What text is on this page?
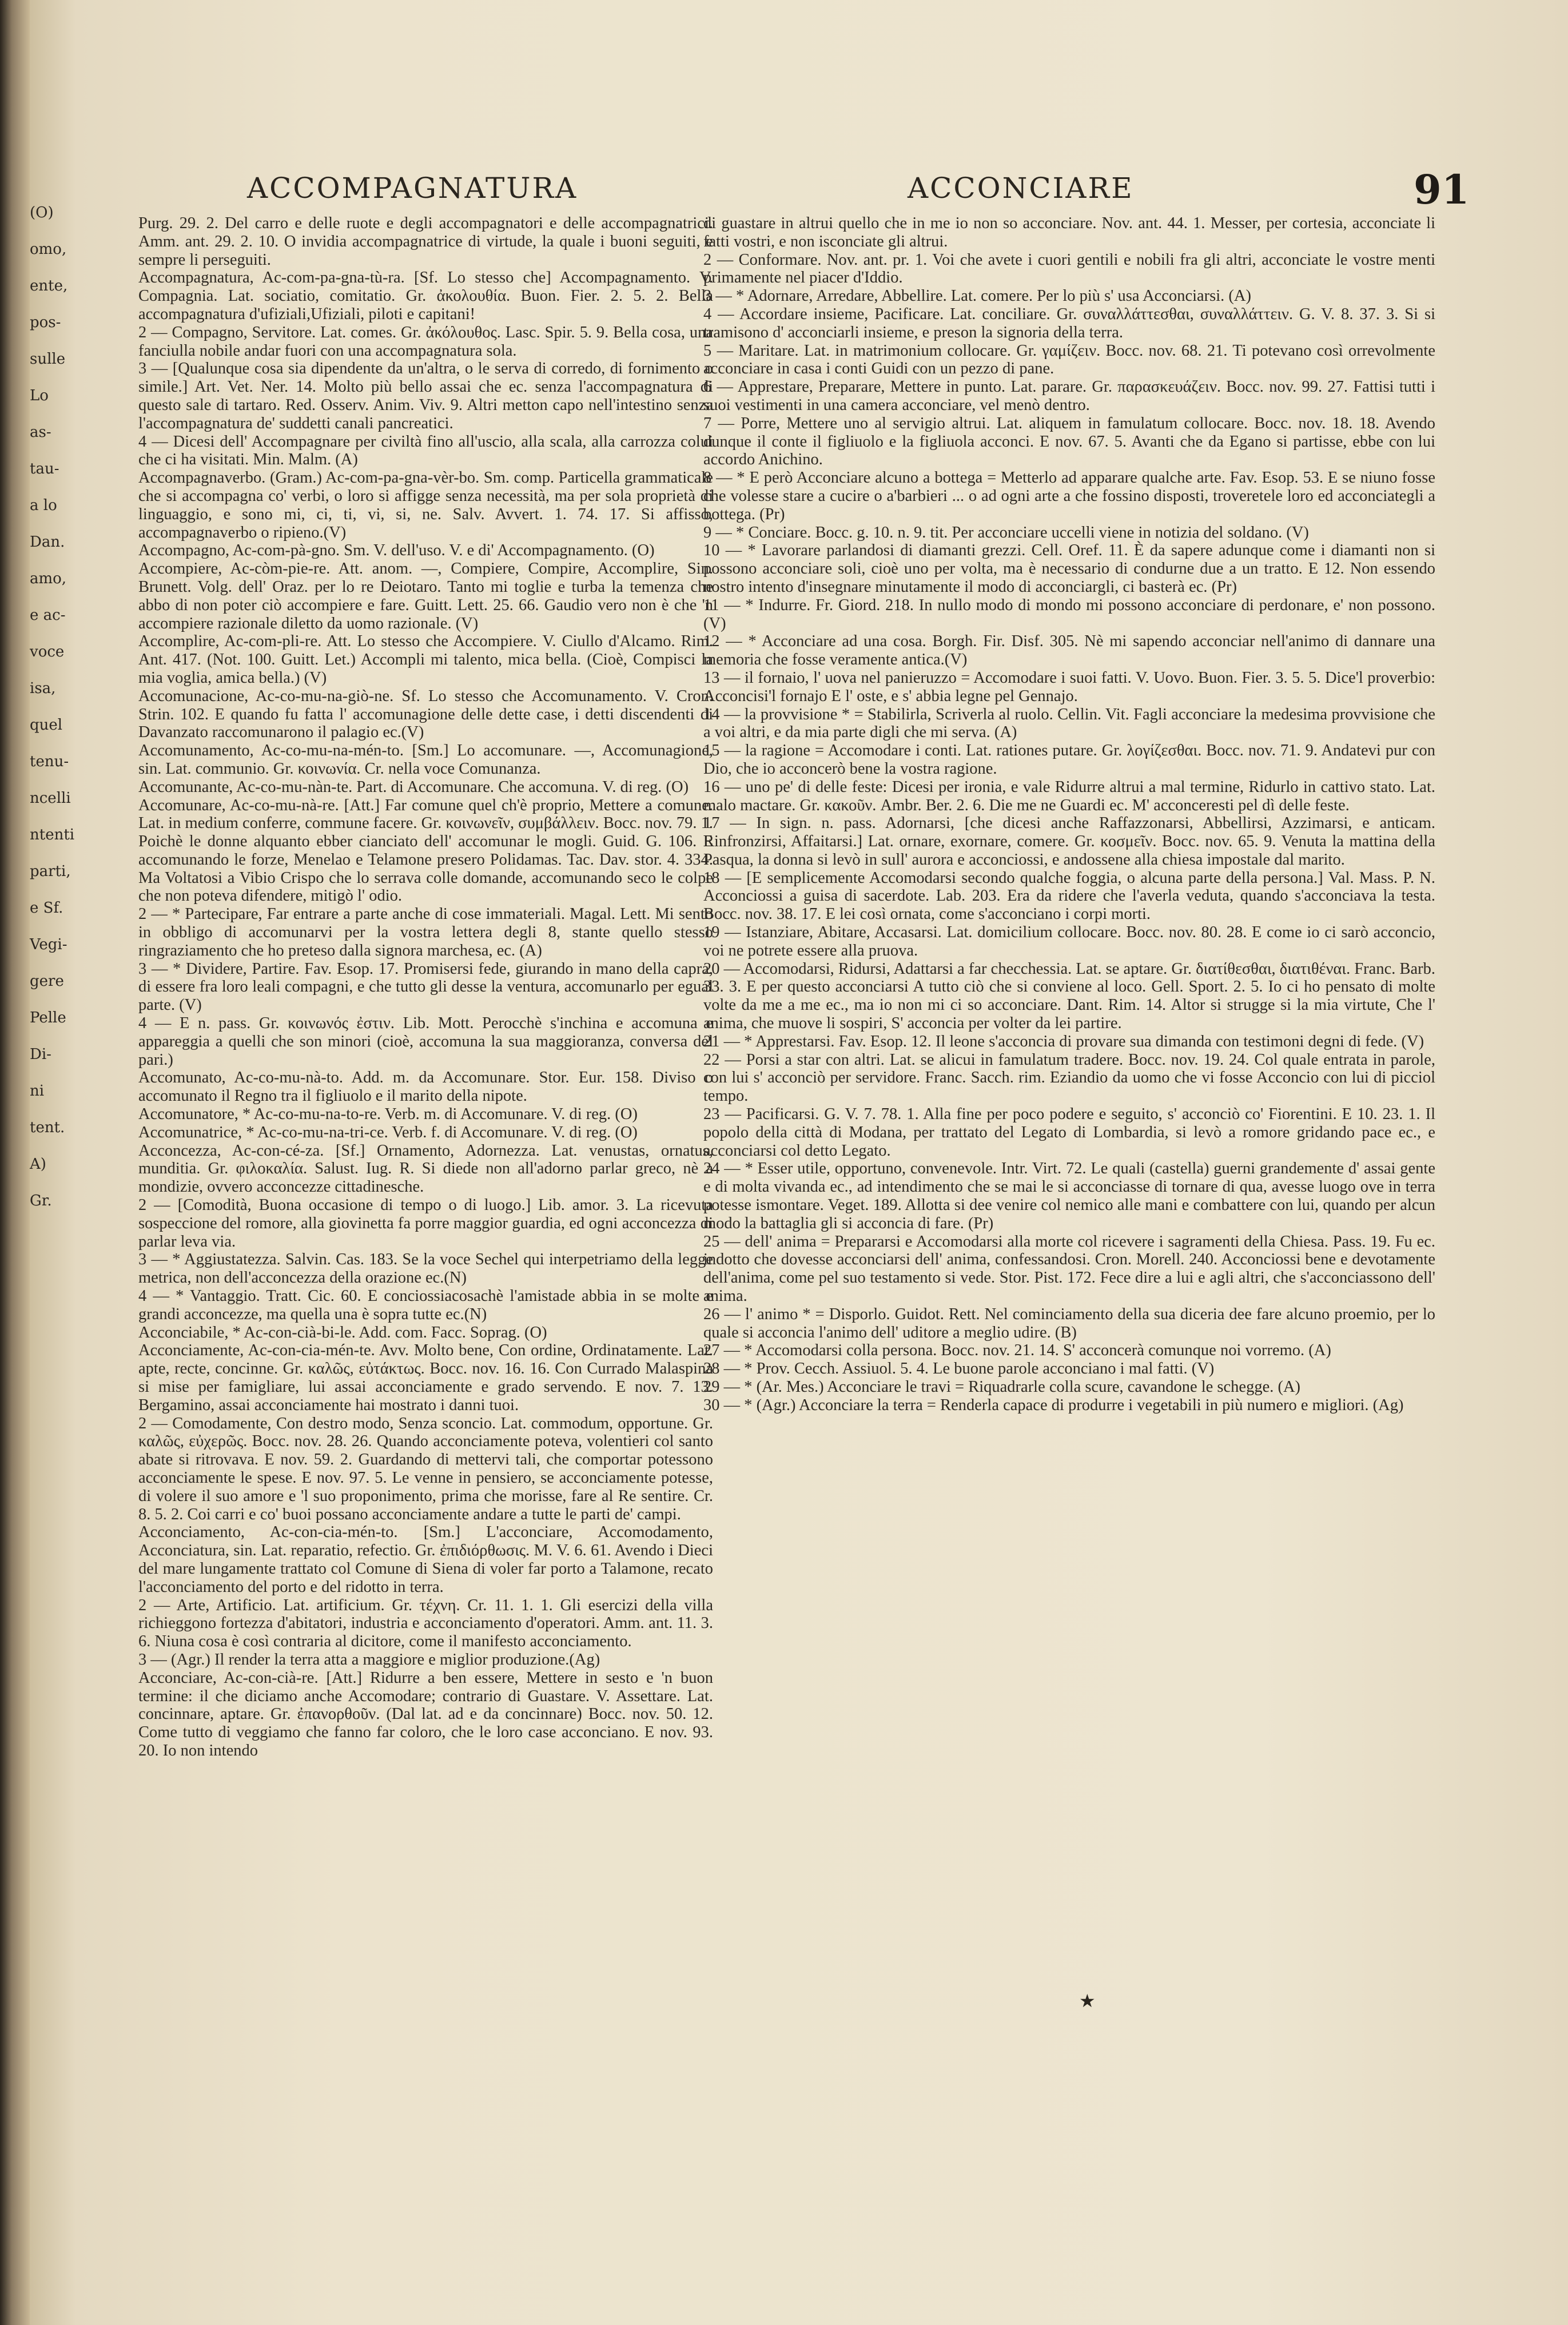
(O)
omo,
ente,
pos-
sulle
Lo
as-
tau-
a lo
Dan.
amo,
e ac-
voce
isa,
quel
tenu-
ncelli
ntenti
parti,
e Sf.
Vegi-
gere
Pelle
Di-
ni
tent.
A)
Gr.
ACCOMPAGNATURA	ACCONCIARE	91
Purg. 29. 2. Del carro e delle ruote e degli accompagnatori e delle accompagnatrici. Amm. ant. 29. 2. 10. O invidia accompagnatrice di virtude, la quale i buoni seguiti, e sempre li perseguiti.
Accompagnatura, Ac-com-pa-gna-tù-ra. [Sf. Lo stesso che] Accompagnamento. V. Compagnia. Lat. sociatio, comitatio. Gr. ἀκολουθία. Buon. Fier. 2. 5. 2. Bella accompagnatura d'ufiziali,Ufiziali, piloti e capitani!
2 — Compagno, Servitore. Lat. comes. Gr. ἀκόλουθος. Lasc. Spir. 5. 9. Bella cosa, una fanciulla nobile andar fuori con una accompagnatura sola.
3 — [Qualunque cosa sia dipendente da un'altra, o le serva di corredo, di fornimento o simile.] Art. Vet. Ner. 14. Molto più bello assai che ec. senza l'accompagnatura di questo sale di tartaro. Red. Osserv. Anim. Viv. 9. Altri metton capo nell'intestino senza l'accompagnatura de' suddetti canali pancreatici.
4 — Dicesi dell' Accompagnare per civiltà fino all'uscio, alla scala, alla carrozza colui che ci ha visitati. Min. Malm. (A)
Accompagnaverbo. (Gram.) Ac-com-pa-gna-vèr-bo. Sm. comp. Particella grammaticale che si accompagna co' verbi, o loro si affigge senza necessità, ma per sola proprietà di linguaggio, e sono mi, ci, ti, vi, si, ne. Salv. Avvert. 1. 74. 17. Si affisso, accompagnaverbo o ripieno.(V)
Accompagno, Ac-com-pà-gno. Sm. V. dell'uso. V. e di' Accompagnamento. (O)
Accompiere, Ac-còm-pie-re. Att. anom. —, Compiere, Compire, Accomplire, Sin. Brunett. Volg. dell' Oraz. per lo re Deiotaro. Tanto mi toglie e turba la temenza che abbo di non poter ciò accompiere e fare. Guitt. Lett. 25. 66. Gaudio vero non è che 'n accompiere razionale diletto da uomo razionale. (V)
Accomplire, Ac-com-pli-re. Att. Lo stesso che Accompiere. V. Ciullo d'Alcamo. Rim. Ant. 417. (Not. 100. Guitt. Let.) Accompli mi talento, mica bella. (Cioè, Compisci la mia voglia, amica bella.) (V)
Accomunacione, Ac-co-mu-na-giò-ne. Sf. Lo stesso che Accomunamento. V. Cron. Strin. 102. E quando fu fatta l' accomunagione delle dette case, i detti discendenti di Davanzato raccomunarono il palagio ec.(V)
Accomunamento, Ac-co-mu-na-mén-to. [Sm.] Lo accomunare. —, Accomunagione, sin. Lat. communio. Gr. κοινωνία. Cr. nella voce Comunanza.
Accomunante, Ac-co-mu-nàn-te. Part. di Accomunare. Che accomuna. V. di reg. (O)
Accomunare, Ac-co-mu-nà-re. [Att.] Far comune quel ch'è proprio, Mettere a comune. Lat. in medium conferre, commune facere. Gr. κοινωνεῖν, συμβάλλειν. Bocc. nov. 79. 1. Poichè le donne alquanto ebber cianciato dell' accomunar le mogli. Guid. G. 106. E accomunando le forze, Menelao e Telamone presero Polidamas. Tac. Dav. stor. 4. 334. Ma Voltatosi a Vibio Crispo che lo serrava colle domande, accomunando seco le colpe che non poteva difendere, mitigò l' odio.
2 — * Partecipare, Far entrare a parte anche di cose immateriali. Magal. Lett. Mi sento in obbligo di accomunarvi per la vostra lettera degli 8, stante quello stesso ringraziamento che ho preteso dalla signora marchesa, ec. (A)
3 — * Dividere, Partire. Fav. Esop. 17. Promisersi fede, giurando in mano della capra, di essere fra loro leali compagni, e che tutto gli desse la ventura, accomunarlo per egual parte. (V)
4 — E n. pass. Gr. κοινωνός ἐστιν. Lib. Mott. Perocchè s'inchina e accomuna e appareggia a quelli che son minori (cioè, accomuna la sua maggioranza, conversa del pari.)
Accomunato, Ac-co-mu-nà-to. Add. m. da Accomunare. Stor. Eur. 158. Diviso o accomunato il Regno tra il figliuolo e il marito della nipote.
Accomunatore, * Ac-co-mu-na-to-re. Verb. m. di Accomunare. V. di reg. (O)
Accomunatrice, * Ac-co-mu-na-tri-ce. Verb. f. di Accomunare. V. di reg. (O)
Acconcezza, Ac-con-cé-za. [Sf.] Ornamento, Adornezza. Lat. venustas, ornatus, munditia. Gr. φιλοκαλία. Salust. Iug. R. Si diede non all'adorno parlar greco, nè a mondizie, ovvero acconcezze cittadinesche.
2 — [Comodità, Buona occasione di tempo o di luogo.] Lib. amor. 3. La ricevuta sospeccione del romore, alla giovinetta fa porre maggior guardia, ed ogni acconcezza di parlar leva via.
3 — * Aggiustatezza. Salvin. Cas. 183. Se la voce Sechel qui interpetriamo della legge metrica, non dell'acconcezza della orazione ec.(N)
4 — * Vantaggio. Tratt. Cic. 60. E conciossiacosachè l'amistade abbia in se molte e grandi acconcezze, ma quella una è sopra tutte ec.(N)
Acconciabile, * Ac-con-cià-bi-le. Add. com. Facc. Soprag. (O)
Acconciamente, Ac-con-cia-mén-te. Avv. Molto bene, Con ordine, Ordinatamente. Lat. apte, recte, concinne. Gr. καλῶς, εὐτάκτως. Bocc. nov. 16. 16. Con Currado Malaspina si mise per famigliare, lui assai acconciamente e grado servendo. E nov. 7. 13. Bergamino, assai acconciamente hai mostrato i danni tuoi.
2 — Comodamente, Con destro modo, Senza sconcio. Lat. commodum, opportune. Gr. καλῶς, εὐχερῶς. Bocc. nov. 28. 26. Quando acconciamente poteva, volentieri col santo abate si ritrovava. E nov. 59. 2. Guardando di mettervi tali, che comportar potessono acconciamente le spese. E nov. 97. 5. Le venne in pensiero, se acconciamente potesse, di volere il suo amore e 'l suo proponimento, prima che morisse, fare al Re sentire. Cr. 8. 5. 2. Coi carri e co' buoi possano acconciamente andare a tutte le parti de' campi.
Acconciamento, Ac-con-cia-mén-to. [Sm.] L'acconciare, Accomodamento, Acconciatura, sin. Lat. reparatio, refectio. Gr. ἐπιδιόρθωσις. M. V. 6. 61. Avendo i Dieci del mare lungamente trattato col Comune di Siena di voler far porto a Talamone, recato l'acconciamento del porto e del ridotto in terra.
2 — Arte, Artificio. Lat. artificium. Gr. τέχνη. Cr. 11. 1. 1. Gli esercizi della villa richieggono fortezza d'abitatori, industria e acconciamento d'operatori. Amm. ant. 11. 3. 6. Niuna cosa è così contraria al dicitore, come il manifesto acconciamento.
3 — (Agr.) Il render la terra atta a maggiore e miglior produzione.(Ag)
Acconciare, Ac-con-cià-re. [Att.] Ridurre a ben essere, Mettere in sesto e 'n buon termine: il che diciamo anche Accomodare; contrario di Guastare. V. Assettare. Lat. concinnare, aptare. Gr. ἐπανορθοῦν. (Dal lat. ad e da concinnare) Bocc. nov. 50. 12. Come tutto di veggiamo che fanno far coloro, che le loro case acconciano. E nov. 93. 20. Io non intendo
di guastare in altrui quello che in me io non so acconciare. Nov. ant. 44. 1. Messer, per cortesia, acconciate li fatti vostri, e non isconciate gli altrui.
2 — Conformare. Nov. ant. pr. 1. Voi che avete i cuori gentili e nobili fra gli altri, acconciate le vostre menti primamente nel piacer d'Iddio.
3 — * Adornare, Arredare, Abbellire. Lat. comere. Per lo più s' usa Acconciarsi. (A)
4 — Accordare insieme, Pacificare. Lat. conciliare. Gr. συναλλάττεσθαι, συναλλάττειν. G. V. 8. 37. 3. Si si tramisono d' acconciarli insieme, e preson la signoria della terra.
5 — Maritare. Lat. in matrimonium collocare. Gr. γαμίζειν. Bocc. nov. 68. 21. Ti potevano così orrevolmente acconciare in casa i conti Guidi con un pezzo di pane.
6 — Apprestare, Preparare, Mettere in punto. Lat. parare. Gr. παρασκευάζειν. Bocc. nov. 99. 27. Fattisi tutti i suoi vestimenti in una camera acconciare, vel menò dentro.
7 — Porre, Mettere uno al servigio altrui. Lat. aliquem in famulatum collocare. Bocc. nov. 18. 18. Avendo dunque il conte il figliuolo e la figliuola acconci. E nov. 67. 5. Avanti che da Egano si partisse, ebbe con lui accordo Anichino.
8 — * E però Acconciare alcuno a bottega = Metterlo ad apparare qualche arte. Fav. Esop. 53. E se niuno fosse che volesse stare a cucire o a'barbieri ... o ad ogni arte a che fossino disposti, troveretele loro ed acconciategli a bottega. (Pr)
9 — * Conciare. Bocc. g. 10. n. 9. tit. Per acconciare uccelli viene in notizia del soldano. (V)
10 — * Lavorare parlandosi di diamanti grezzi. Cell. Oref. 11. È da sapere adunque come i diamanti non si possono acconciare soli, cioè uno per volta, ma è necessario di condurne due a un tratto. E 12. Non essendo nostro intento d'insegnare minutamente il modo di acconciargli, ci basterà ec. (Pr)
11 — * Indurre. Fr. Giord. 218. In nullo modo di mondo mi possono acconciare di perdonare, e' non possono. (V)
12 — * Acconciare ad una cosa. Borgh. Fir. Disf. 305. Nè mi sapendo acconciar nell'animo di dannare una memoria che fosse veramente antica.(V)
13 — il fornaio, l' uova nel panieruzzo = Accomodare i suoi fatti. V. Uovo. Buon. Fier. 3. 5. 5. Dice'l proverbio: Acconcisi'l fornajo E l' oste, e s' abbia legne pel Gennajo.
14 — la provvisione * = Stabilirla, Scriverla al ruolo. Cellin. Vit. Fagli acconciare la medesima provvisione che a voi altri, e da mia parte digli che mi serva. (A)
15 — la ragione = Accomodare i conti. Lat. rationes putare. Gr. λογίζεσθαι. Bocc. nov. 71. 9. Andatevi pur con Dio, che io acconcerò bene la vostra ragione.
16 — uno pe' di delle feste: Dicesi per ironia, e vale Ridurre altrui a mal termine, Ridurlo in cattivo stato. Lat. malo mactare. Gr. κακοῦν. Ambr. Ber. 2. 6. Die me ne Guardi ec. M' acconceresti pel dì delle feste.
17 — In sign. n. pass. Adornarsi, [che dicesi anche Raffazzonarsi, Abbellirsi, Azzimarsi, e anticam. Rinfronzirsi, Affaitarsi.] Lat. ornare, exornare, comere. Gr. κοσμεῖν. Bocc. nov. 65. 9. Venuta la mattina della Pasqua, la donna si levò in sull' aurora e acconciossi, e andossene alla chiesa impostale dal marito.
18 — [E semplicemente Accomodarsi secondo qualche foggia, o alcuna parte della persona.] Val. Mass. P. N. Acconciossi a guisa di sacerdote. Lab. 203. Era da ridere che l'averla veduta, quando s'acconciava la testa. Bocc. nov. 38. 17. E lei così ornata, come s'acconciano i corpi morti.
19 — Istanziare, Abitare, Accasarsi. Lat. domicilium collocare. Bocc. nov. 80. 28. E come io ci sarò acconcio, voi ne potrete essere alla pruova.
20 — Accomodarsi, Ridursi, Adattarsi a far checchessia. Lat. se aptare. Gr. διατίθεσθαι, διατιθέναι. Franc. Barb. 33. 3. E per questo acconciarsi A tutto ciò che si conviene al loco. Gell. Sport. 2. 5. Io ci ho pensato di molte volte da me a me ec., ma io non mi ci so acconciare. Dant. Rim. 14. Altor si strugge si la mia virtute, Che l' anima, che muove li sospiri, S' acconcia per volter da lei partire.
21 — * Apprestarsi. Fav. Esop. 12. Il leone s'acconcia di provare sua dimanda con testimoni degni di fede. (V)
22 — Porsi a star con altri. Lat. se alicui in famulatum tradere. Bocc. nov. 19. 24. Col quale entrata in parole, con lui s' acconciò per servidore. Franc. Sacch. rim. Eziandio da uomo che vi fosse Acconcio con lui di picciol tempo.
23 — Pacificarsi. G. V. 7. 78. 1. Alla fine per poco podere e seguito, s' acconciò co' Fiorentini. E 10. 23. 1. Il popolo della città di Modana, per trattato del Legato di Lombardia, si levò a romore gridando pace ec., e acconciarsi col detto Legato.
24 — * Esser utile, opportuno, convenevole. Intr. Virt. 72. Le quali (castella) guerni grandemente d' assai gente e di molta vivanda ec., ad intendimento che se mai le si acconciasse di tornare di qua, avesse luogo ove in terra potesse ismontare. Veget. 189. Allotta si dee venire col nemico alle mani e combattere con lui, quando per alcun modo la battaglia gli si acconcia di fare. (Pr)
25 — dell' anima = Prepararsi e Accomodarsi alla morte col ricevere i sagramenti della Chiesa. Pass. 19. Fu ec. indotto che dovesse acconciarsi dell' anima, confessandosi. Cron. Morell. 240. Acconciossi bene e devotamente dell'anima, come pel suo testamento si vede. Stor. Pist. 172. Fece dire a lui e agli altri, che s'acconciassono dell' anima.
26 — l' animo * = Disporlo. Guidot. Rett. Nel cominciamento della sua diceria dee fare alcuno proemio, per lo quale si acconcia l'animo dell' uditore a meglio udire. (B)
27 — * Accomodarsi colla persona. Bocc. nov. 21. 14. S' acconcerà comunque noi vorremo. (A)
28 — * Prov. Cecch. Assiuol. 5. 4. Le buone parole acconciano i mal fatti. (V)
29 — * (Ar. Mes.) Acconciare le travi = Riquadrarle colla scure, cavandone le schegge. (A)
30 — * (Agr.) Acconciare la terra = Renderla capace di produrre i vegetabili in più numero e migliori. (Ag)
★
